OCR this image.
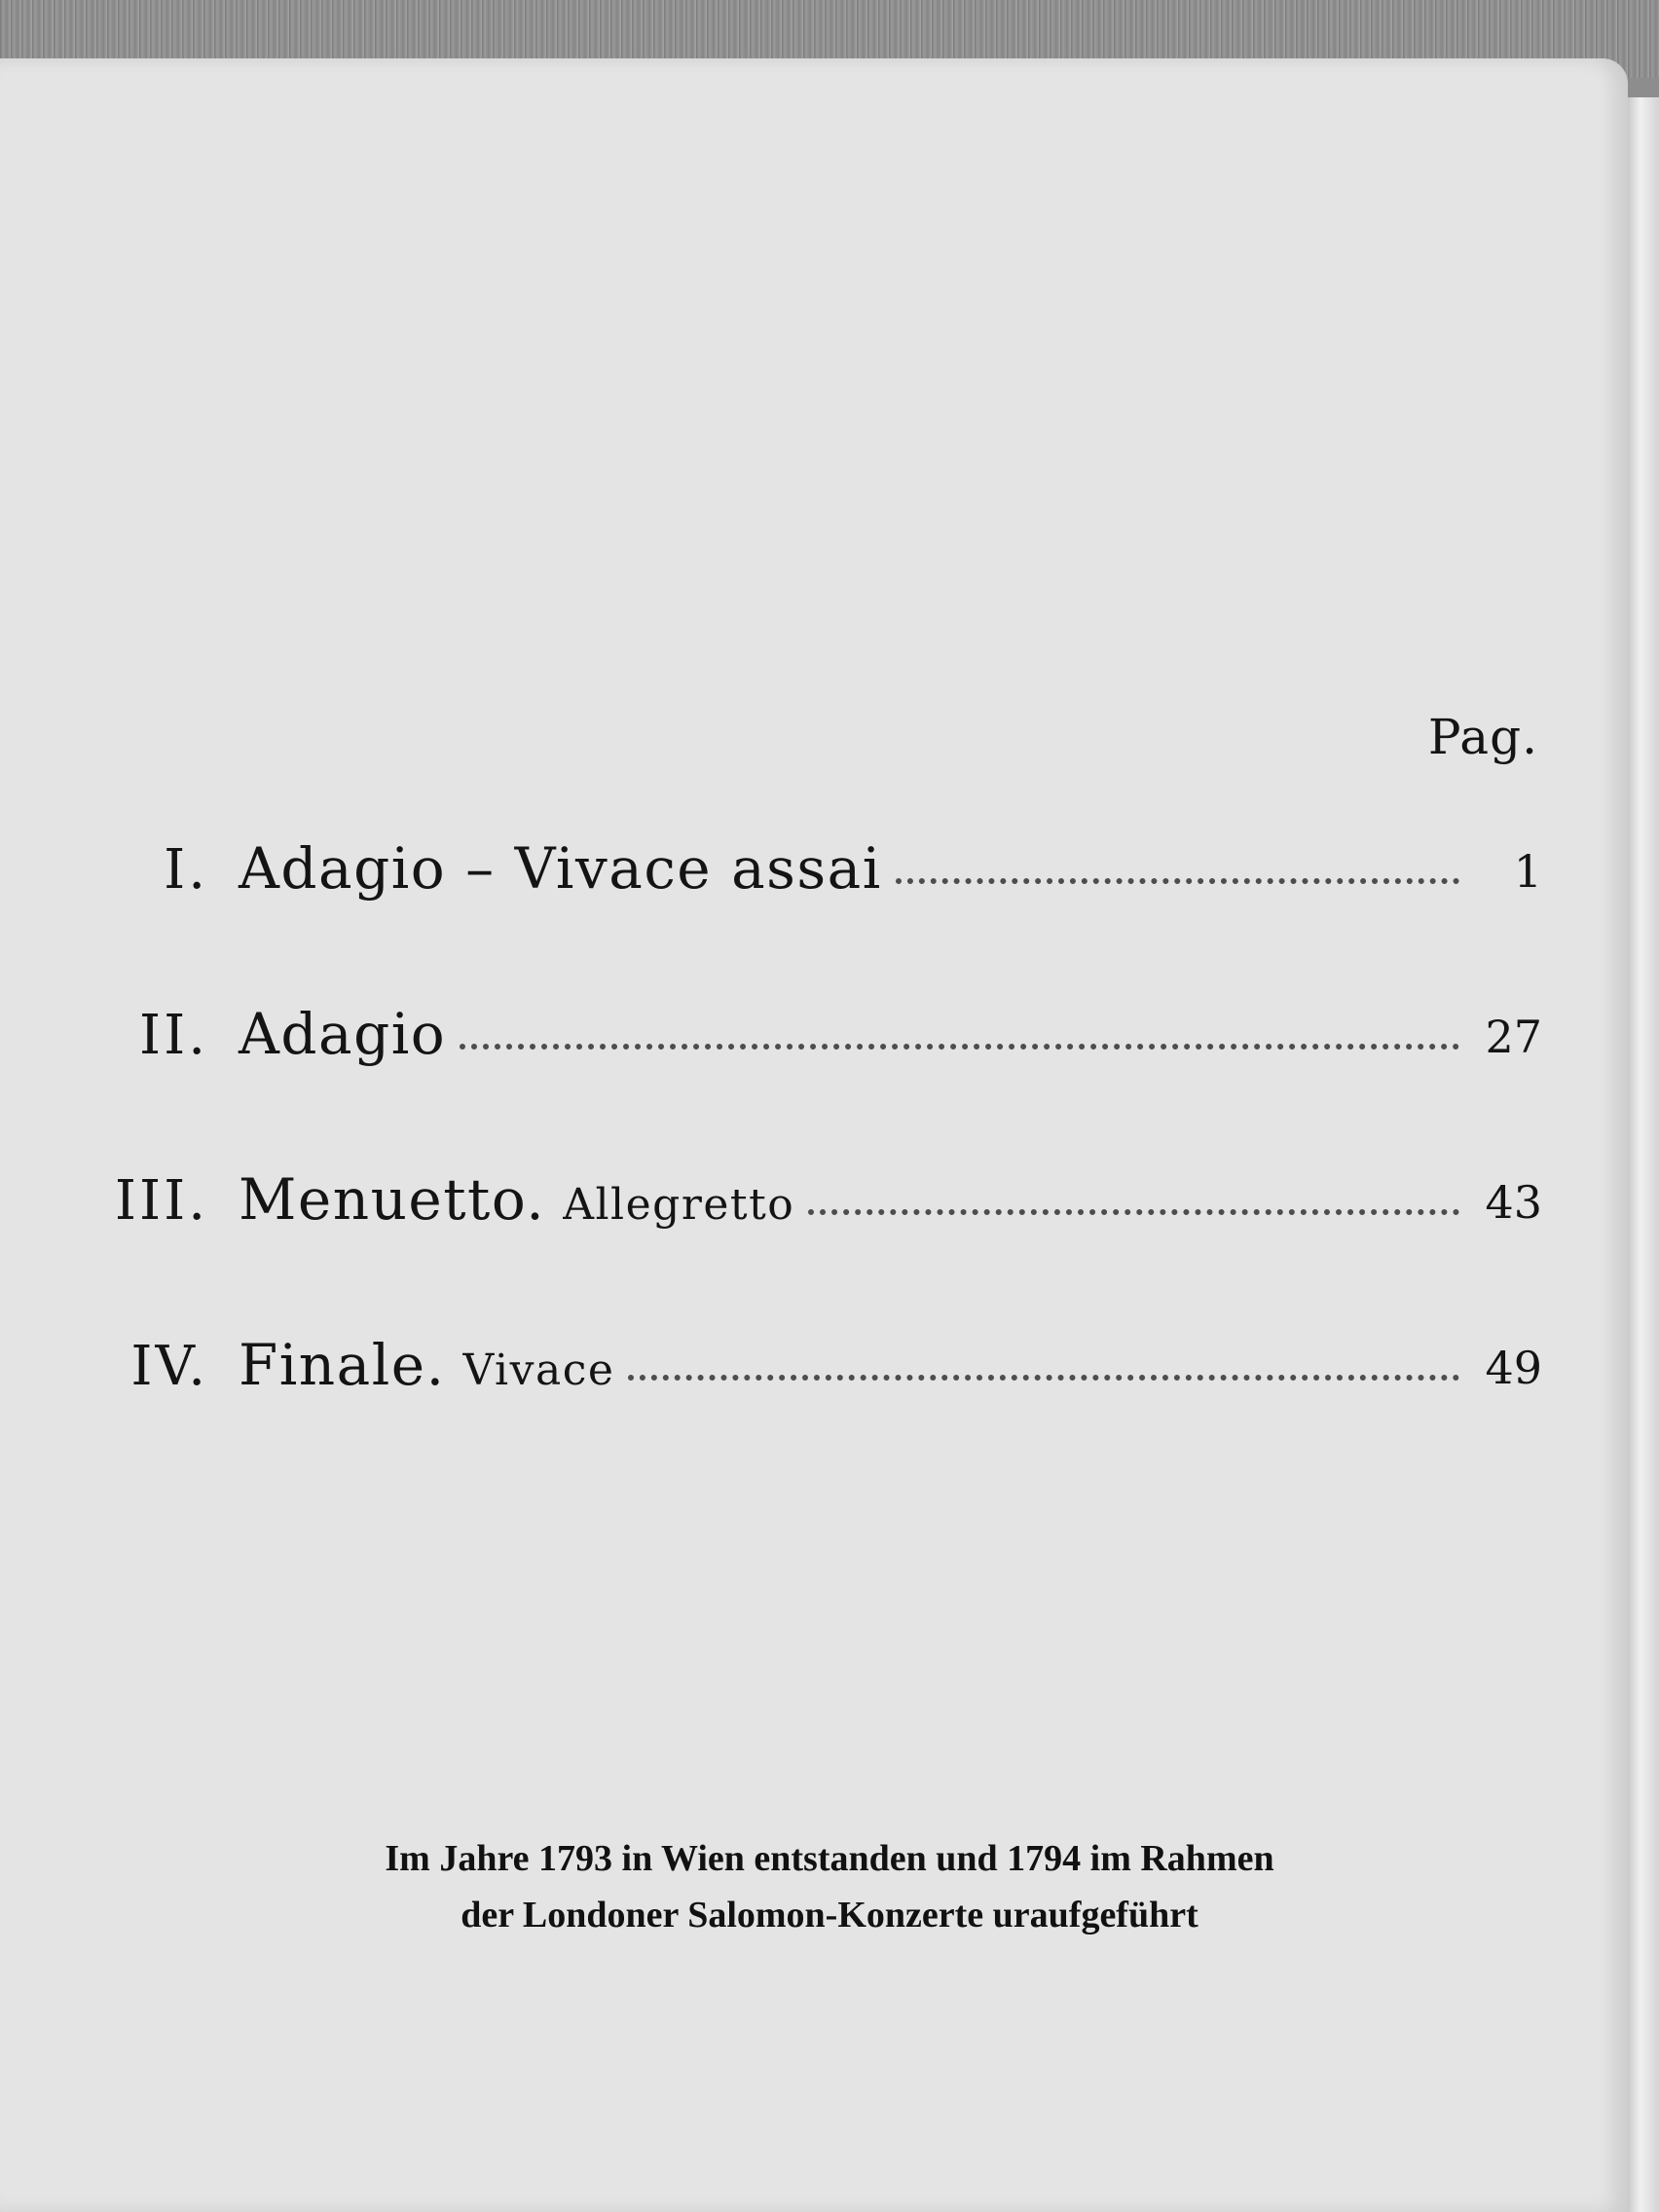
Pag.
I. Adagio – Vivace assai	1
II. Adagio	27
III. Menuetto. Allegretto	43
IV. Finale. Vivace	49
Im Jahre 1793 in Wien entstanden und 1794 im Rahmen
der Londoner Salomon-Konzerte uraufgeführt
